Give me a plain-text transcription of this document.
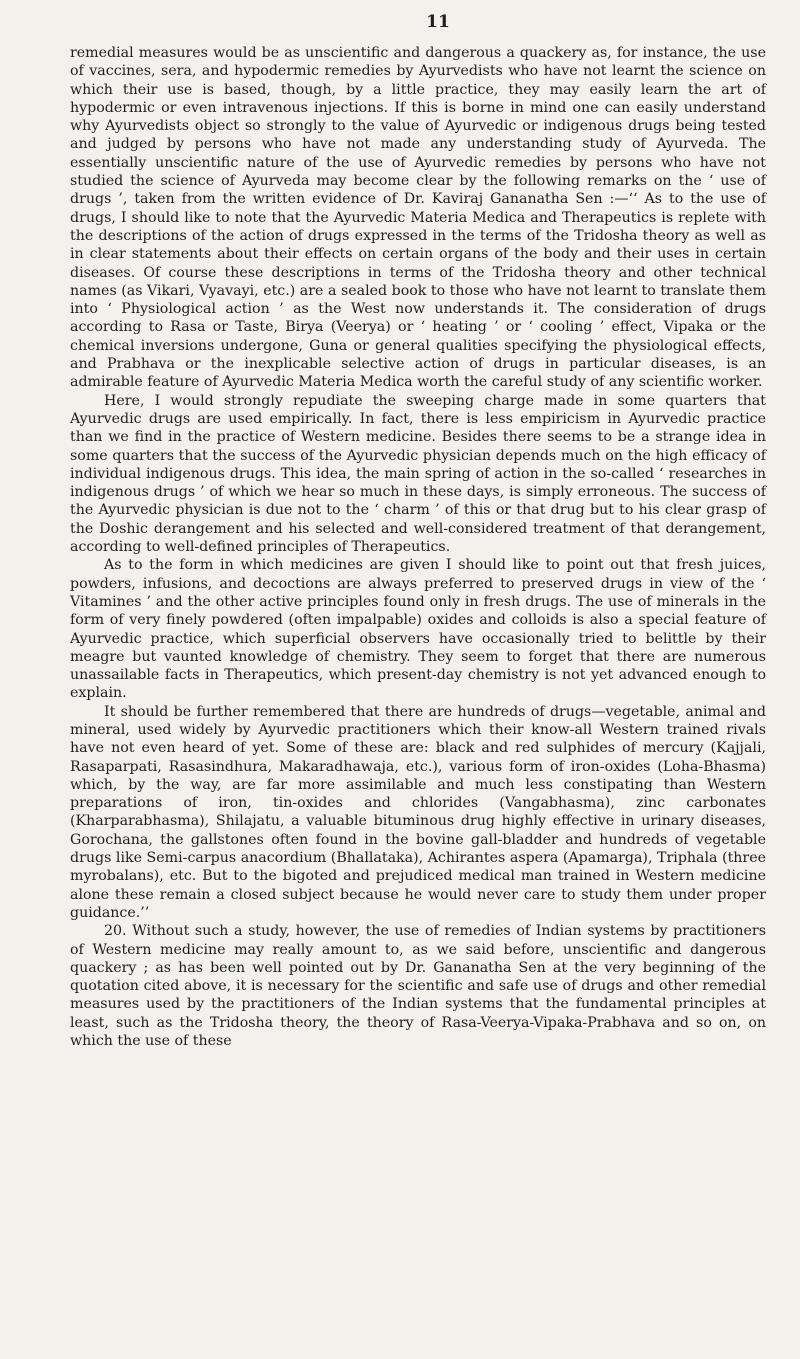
11

remedial measures would be as unscientific and dangerous a quackery as, for instance, the use of vaccines, sera, and hypodermic remedies by Ayurvedists who have not learnt the science on which their use is based, though, by a little practice, they may easily learn the art of hypodermic or even intravenous injections. If this is borne in mind one can easily understand why Ayurvedists object so strongly to the value of Ayurvedic or indigenous drugs being tested and judged by persons who have not made any understanding study of Ayurveda. The essentially unscientific nature of the use of Ayurvedic remedies by persons who have not studied the science of Ayurveda may become clear by the following remarks on the ‘ use of drugs ’, taken from the written evidence of Dr. Kaviraj Gananatha Sen :—‘‘ As to the use of drugs, I should like to note that the Ayurvedic Materia Medica and Therapeutics is replete with the descriptions of the action of drugs expressed in the terms of the Tridosha theory as well as in clear statements about their effects on certain organs of the body and their uses in certain diseases. Of course these descriptions in terms of the Tridosha theory and other technical names (as Vikari, Vyavayi, etc.) are a sealed book to those who have not learnt to translate them into ‘ Physiological action ’ as the West now understands it. The consideration of drugs according to Rasa or Taste, Birya (Veerya) or ‘ heating ’ or ‘ cooling ’ effect, Vipaka or the chemical inversions undergone, Guna or general qualities specifying the physiological effects, and Prabhava or the inexplicable selective action of drugs in particular diseases, is an admirable feature of Ayurvedic Materia Medica worth the careful study of any scientific worker.

Here, I would strongly repudiate the sweeping charge made in some quarters that Ayurvedic drugs are used empirically. In fact, there is less empiricism in Ayurvedic practice than we find in the practice of Western medicine. Besides there seems to be a strange idea in some quarters that the success of the Ayurvedic physician depends much on the high efficacy of individual indigenous drugs. This idea, the main spring of action in the so-called ‘ researches in indigenous drugs ’ of which we hear so much in these days, is simply erroneous. The success of the Ayurvedic physician is due not to the ‘ charm ’ of this or that drug but to his clear grasp of the Doshic derangement and his selected and well-considered treatment of that derangement, according to well-defined principles of Therapeutics.

As to the form in which medicines are given I should like to point out that fresh juices, powders, infusions, and decoctions are always preferred to preserved drugs in view of the ‘ Vitamines ’ and the other active principles found only in fresh drugs. The use of minerals in the form of very finely powdered (often impalpable) oxides and colloids is also a special feature of Ayurvedic practice, which superficial observers have occasionally tried to belittle by their meagre but vaunted knowledge of chemistry. They seem to forget that there are numerous unassailable facts in Therapeutics, which present-day chemistry is not yet advanced enough to explain.

It should be further remembered that there are hundreds of drugs—vegetable, animal and mineral, used widely by Ayurvedic practitioners which their know-all Western trained rivals have not even heard of yet. Some of these are: black and red sulphides of mercury (Kajjali, Rasaparpati, Rasasindhura, Makaradhawaja, etc.), various form of iron-oxides (Loha-Bhasma) which, by the way, are far more assimilable and much less constipating than Western preparations of iron, tin-oxides and chlorides (Vangabhasma), zinc carbonates (Kharparabhasma), Shilajatu, a valuable bituminous drug highly effective in urinary diseases, Gorochana, the gallstones often found in the bovine gall-bladder and hundreds of vegetable drugs like Semi-carpus anacordium (Bhallataka), Achirantes aspera (Apamarga), Triphala (three myrobalans), etc. But to the bigoted and prejudiced medical man trained in Western medicine alone these remain a closed subject because he would never care to study them under proper guidance.’’

20. Without such a study, however, the use of remedies of Indian systems by practitioners of Western medicine may really amount to, as we said before, unscientific and dangerous quackery ; as has been well pointed out by Dr. Gananatha Sen at the very beginning of the quotation cited above, it is necessary for the scientific and safe use of drugs and other remedial measures used by the practitioners of the Indian systems that the fundamental principles at least, such as the Tridosha theory, the theory of Rasa-Veerya-Vipaka-Prabhava and so on, on which the use of these
